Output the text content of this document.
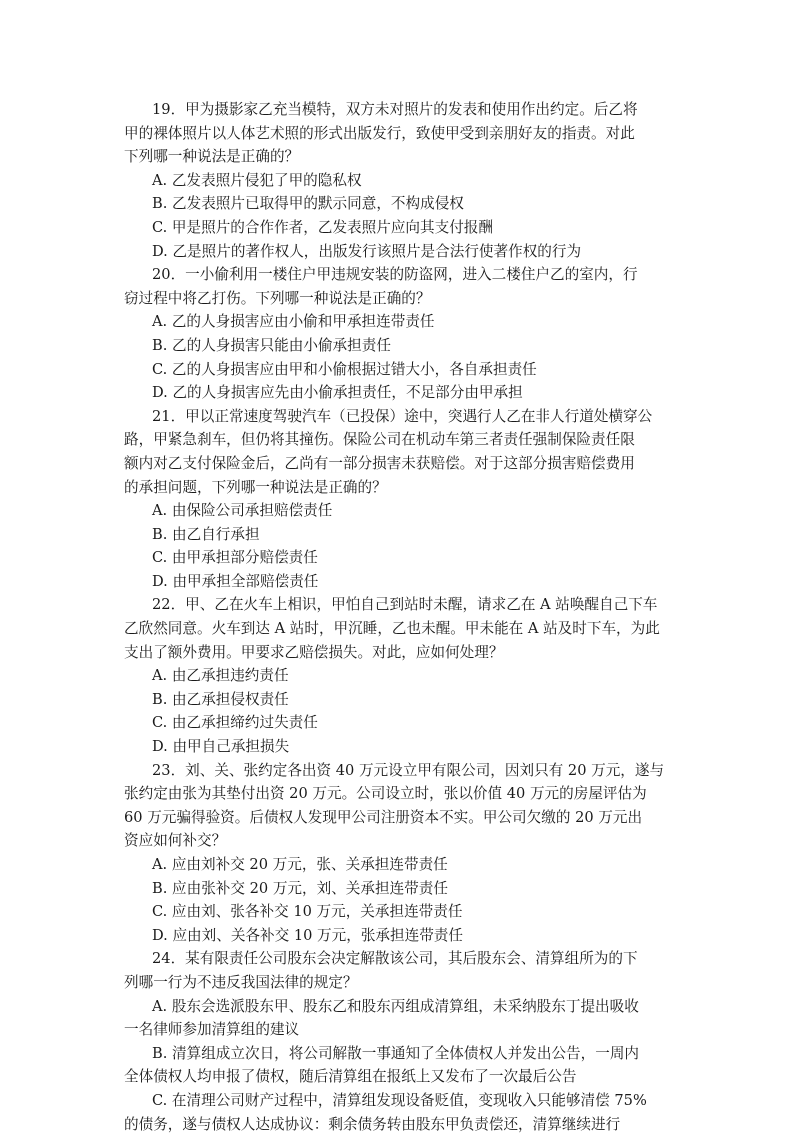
19．甲为摄影家乙充当模特，双方未对照片的发表和使用作出约定。后乙将
甲的裸体照片以人体艺术照的形式出版发行，致使甲受到亲朋好友的指责。对此
下列哪一种说法是正确的？
A. 乙发表照片侵犯了甲的隐私权
B. 乙发表照片已取得甲的默示同意，不构成侵权
C. 甲是照片的合作作者，乙发表照片应向其支付报酬
D. 乙是照片的著作权人，出版发行该照片是合法行使著作权的行为
20．一小偷利用一楼住户甲违规安装的防盗网，进入二楼住户乙的室内，行
窃过程中将乙打伤。下列哪一种说法是正确的？
A. 乙的人身损害应由小偷和甲承担连带责任
B. 乙的人身损害只能由小偷承担责任
C. 乙的人身损害应由甲和小偷根据过错大小，各自承担责任
D. 乙的人身损害应先由小偷承担责任，不足部分由甲承担
21．甲以正常速度驾驶汽车（已投保）途中，突遇行人乙在非人行道处横穿公
路，甲紧急刹车，但仍将其撞伤。保险公司在机动车第三者责任强制保险责任限
额内对乙支付保险金后，乙尚有一部分损害未获赔偿。对于这部分损害赔偿费用
的承担问题，下列哪一种说法是正确的？
A. 由保险公司承担赔偿责任
B. 由乙自行承担
C. 由甲承担部分赔偿责任
D. 由甲承担全部赔偿责任
22．甲、乙在火车上相识，甲怕自己到站时未醒，请求乙在 A 站唤醒自己下车
乙欣然同意。火车到达 A 站时，甲沉睡，乙也未醒。甲未能在 A 站及时下车，为此
支出了额外费用。甲要求乙赔偿损失。对此，应如何处理？
A. 由乙承担违约责任
B. 由乙承担侵权责任
C. 由乙承担缔约过失责任
D. 由甲自己承担损失
23．刘、关、张约定各出资 40 万元设立甲有限公司，因刘只有 20 万元，遂与
张约定由张为其垫付出资 20 万元。公司设立时，张以价值 40 万元的房屋评估为
60 万元骗得验资。后债权人发现甲公司注册资本不实。甲公司欠缴的 20 万元出
资应如何补交？
A. 应由刘补交 20 万元，张、关承担连带责任
B. 应由张补交 20 万元，刘、关承担连带责任
C. 应由刘、张各补交 10 万元，关承担连带责任
D. 应由刘、关各补交 10 万元，张承担连带责任
24．某有限责任公司股东会决定解散该公司，其后股东会、清算组所为的下
列哪一行为不违反我国法律的规定？
A. 股东会选派股东甲、股东乙和股东丙组成清算组，未采纳股东丁提出吸收
一名律师参加清算组的建议
B. 清算组成立次日，将公司解散一事通知了全体债权人并发出公告，一周内
全体债权人均申报了债权，随后清算组在报纸上又发布了一次最后公告
C. 在清理公司财产过程中，清算组发现设备贬值，变现收入只能够清偿 75%
的债务，遂与债权人达成协议：剩余债务转由股东甲负责偿还，清算继续进行
